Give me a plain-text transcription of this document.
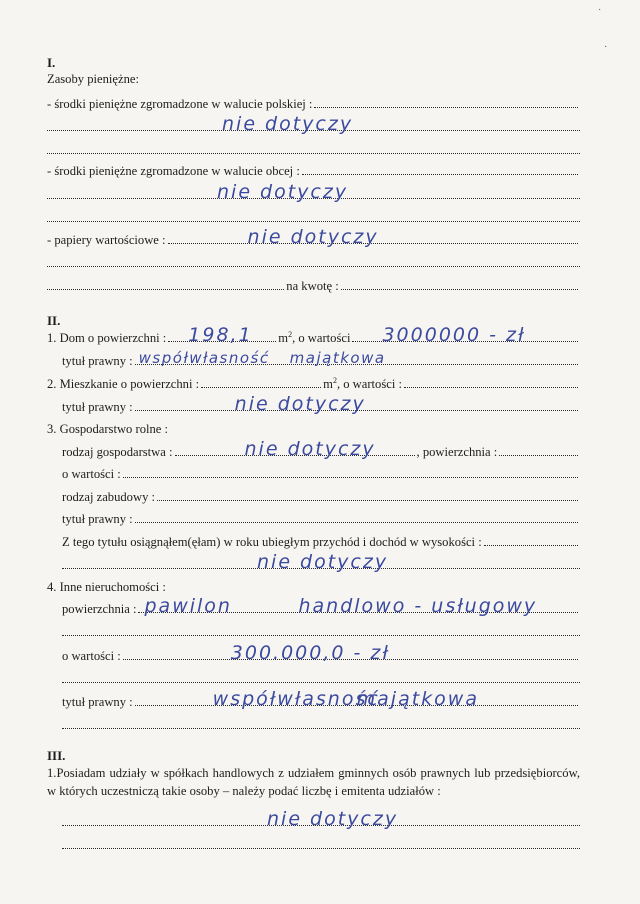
˙
·
I.
Zasoby pieniężne:
- środki pieniężne zgromadzone w walucie polskiej :
nie dotyczy
- środki pieniężne zgromadzone w walucie obcej :
nie dotyczy
- papiery wartościowe :	nie dotyczy
na kwotę :
II.
1. Dom o powierzchni : 198,1 $m^2$ , o wartości 3000000 - zł
tytuł prawny : współwłasność majątkowa
2. Mieszkanie o powierzchni :	$m^2$ , o wartości :
tytuł prawny :	nie dotyczy
3. Gospodarstwo rolne :
rodzaj gospodarstwa :	nie dotyczy	, powierzchnia :
o wartości :
rodzaj zabudowy :
tytuł prawny :
Z tego tytułu osiągnąłem(ęłam) w roku ubiegłym przychód i dochód w wysokości :
nie dotyczy
4. Inne nieruchomości :
powierzchnia : pawilon	handlowo - usługowy
o wartości :	300.000,0 - zł
tytuł prawny :	współwłasność
majątkowa
III.
1.Posiadam udziały w spółkach handlowych z udziałem gminnych osób prawnych lub przedsiębiorców, w których uczestniczą takie osoby – należy podać liczbę i emitenta udziałów :
nie dotyczy
